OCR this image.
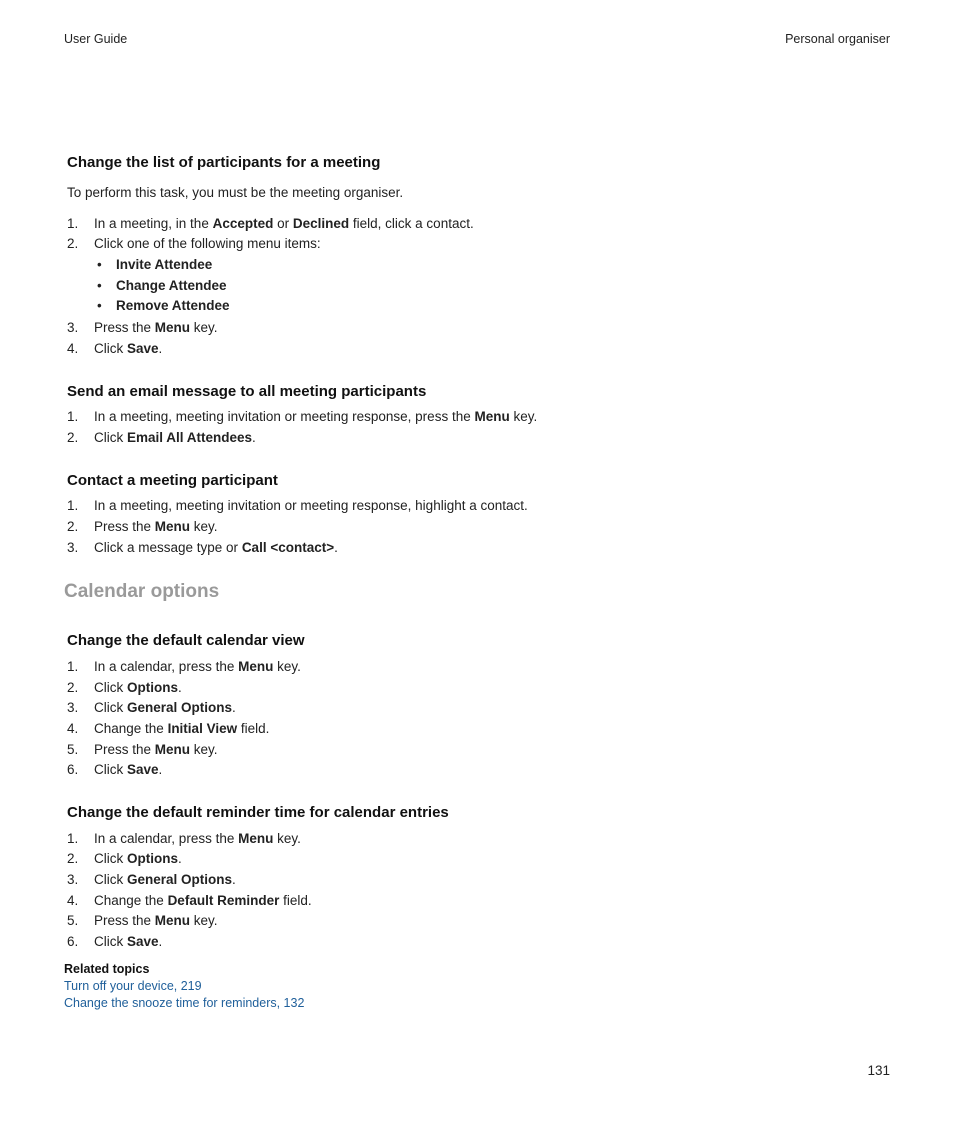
User Guide	Personal organiser
Change the list of participants for a meeting
To perform this task, you must be the meeting organiser.
1. In a meeting, in the Accepted or Declined field, click a contact.
2. Click one of the following menu items:
• Invite Attendee
• Change Attendee
• Remove Attendee
3. Press the Menu key.
4. Click Save.
Send an email message to all meeting participants
1. In a meeting, meeting invitation or meeting response, press the Menu key.
2. Click Email All Attendees.
Contact a meeting participant
1. In a meeting, meeting invitation or meeting response, highlight a contact.
2. Press the Menu key.
3. Click a message type or Call <contact>.
Calendar options
Change the default calendar view
1. In a calendar, press the Menu key.
2. Click Options.
3. Click General Options.
4. Change the Initial View field.
5. Press the Menu key.
6. Click Save.
Change the default reminder time for calendar entries
1. In a calendar, press the Menu key.
2. Click Options.
3. Click General Options.
4. Change the Default Reminder field.
5. Press the Menu key.
6. Click Save.
Related topics
Turn off your device, 219
Change the snooze time for reminders, 132
131
